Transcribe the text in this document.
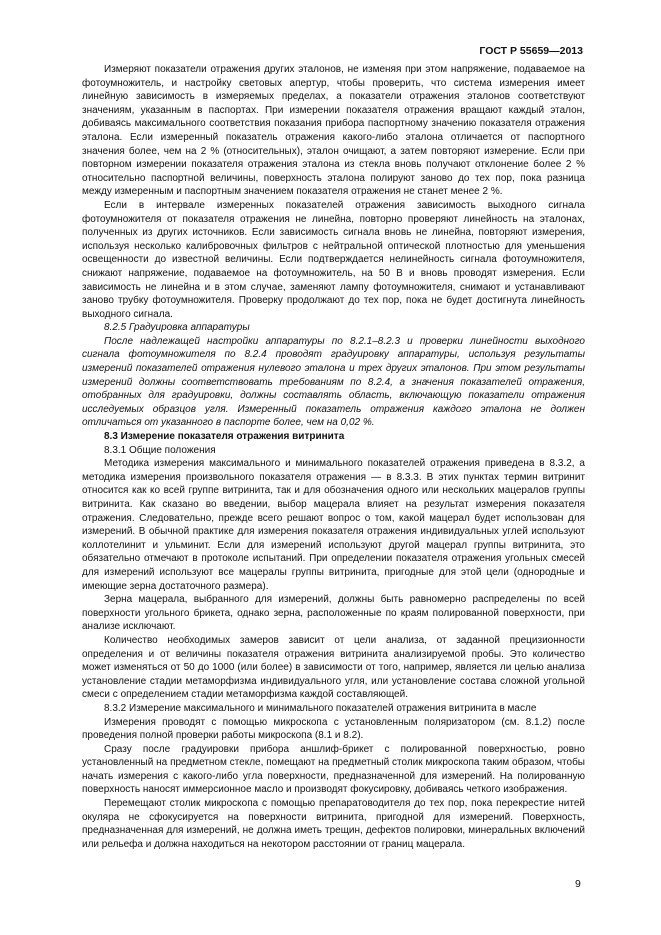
ГОСТ Р 55659—2013

Измеряют показатели отражения других эталонов, не изменяя при этом напряжение, подаваемое на фотоумножитель, и настройку световых апертур, чтобы проверить, что система измерения имеет линейную зависимость в измеряемых пределах, а показатели отражения эталонов соответствуют значениям, указанным в паспортах. При измерении показателя отражения вращают каждый эталон, добиваясь максимального соответствия показания прибора паспортному значению показателя отражения эталона. Если измеренный показатель отражения какого-либо эталона отличается от паспортного значения более, чем на 2 % (относительных), эталон очищают, а затем повторяют измерение. Если при повторном измерении показателя отражения эталона из стекла вновь получают отклонение более 2 % относительно паспортной величины, поверхность эталона полируют заново до тех пор, пока разница между измеренным и паспортным значением показателя отражения не станет менее 2 %.

Если в интервале измеренных показателей отражения зависимость выходного сигнала фотоумножителя от показателя отражения не линейна, повторно проверяют линейность на эталонах, полученных из других источников. Если зависимость сигнала вновь не линейна, повторяют измерения, используя несколько калибровочных фильтров с нейтральной оптической плотностью для уменьшения освещенности до известной величины. Если подтверждается нелинейность сигнала фотоумножителя, снижают напряжение, подаваемое на фотоумножитель, на 50 В и вновь проводят измерения. Если зависимость не линейна и в этом случае, заменяют лампу фотоумножителя, снимают и устанавливают заново трубку фотоумножителя. Проверку продолжают до тех пор, пока не будет достигнута линейность выходного сигнала.

8.2.5 Градуировка аппаратуры

После надлежащей настройки аппаратуры по 8.2.1–8.2.3 и проверки линейности выходного сигнала фотоумножителя по 8.2.4 проводят градуировку аппаратуры, используя результаты измерений показателей отражения нулевого эталона и трех других эталонов. При этом результаты измерений должны соответствовать требованиям по 8.2.4, а значения показателей отражения, отобранных для градуировки, должны составлять область, включающую показатели отражения исследуемых образцов угля. Измеренный показатель отражения каждого эталона не должен отличаться от указанного в паспорте более, чем на 0,02 %.

8.3 Измерение показателя отражения витринита

8.3.1 Общие положения

Методика измерения максимального и минимального показателей отражения приведена в 8.3.2, а методика измерения произвольного показателя отражения — в 8.3.3. В этих пунктах термин витринит относится как ко всей группе витринита, так и для обозначения одного или нескольких мацералов группы витринита. Как сказано во введении, выбор мацерала влияет на результат измерения показателя отражения. Следовательно, прежде всего решают вопрос о том, какой мацерал будет использован для измерений. В обычной практике для измерения показателя отражения индивидуальных углей используют коллотелинит и ульминит. Если для измерений используют другой мацерал группы витринита, это обязательно отмечают в протоколе испытаний. При определении показателя отражения угольных смесей для измерений используют все мацералы группы витринита, пригодные для этой цели (однородные и имеющие зерна достаточного размера).

Зерна мацерала, выбранного для измерений, должны быть равномерно распределены по всей поверхности угольного брикета, однако зерна, расположенные по краям полированной поверхности, при анализе исключают.

Количество необходимых замеров зависит от цели анализа, от заданной прецизионности определения и от величины показателя отражения витринита анализируемой пробы. Это количество может изменяться от 50 до 1000 (или более) в зависимости от того, например, является ли целью анализа установление стадии метаморфизма индивидуального угля, или установление состава сложной угольной смеси с определением стадии метаморфизма каждой составляющей.

8.3.2 Измерение максимального и минимального показателей отражения витринита в масле

Измерения проводят с помощью микроскопа с установленным поляризатором (см. 8.1.2) после проведения полной проверки работы микроскопа (8.1 и 8.2).

Сразу после градуировки прибора аншлиф-брикет с полированной поверхностью, ровно установленный на предметном стекле, помещают на предметный столик микроскопа таким образом, чтобы начать измерения с какого-либо угла поверхности, предназначенной для измерений. На полированную поверхность наносят иммерсионное масло и производят фокусировку, добиваясь четкого изображения.

Перемещают столик микроскопа с помощью препаратоводителя до тех пор, пока перекрестие нитей окуляра не сфокусируется на поверхности витринита, пригодной для измерений. Поверхность, предназначенная для измерений, не должна иметь трещин, дефектов полировки, минеральных включений или рельефа и должна находиться на некотором расстоянии от границ мацерала.

9
